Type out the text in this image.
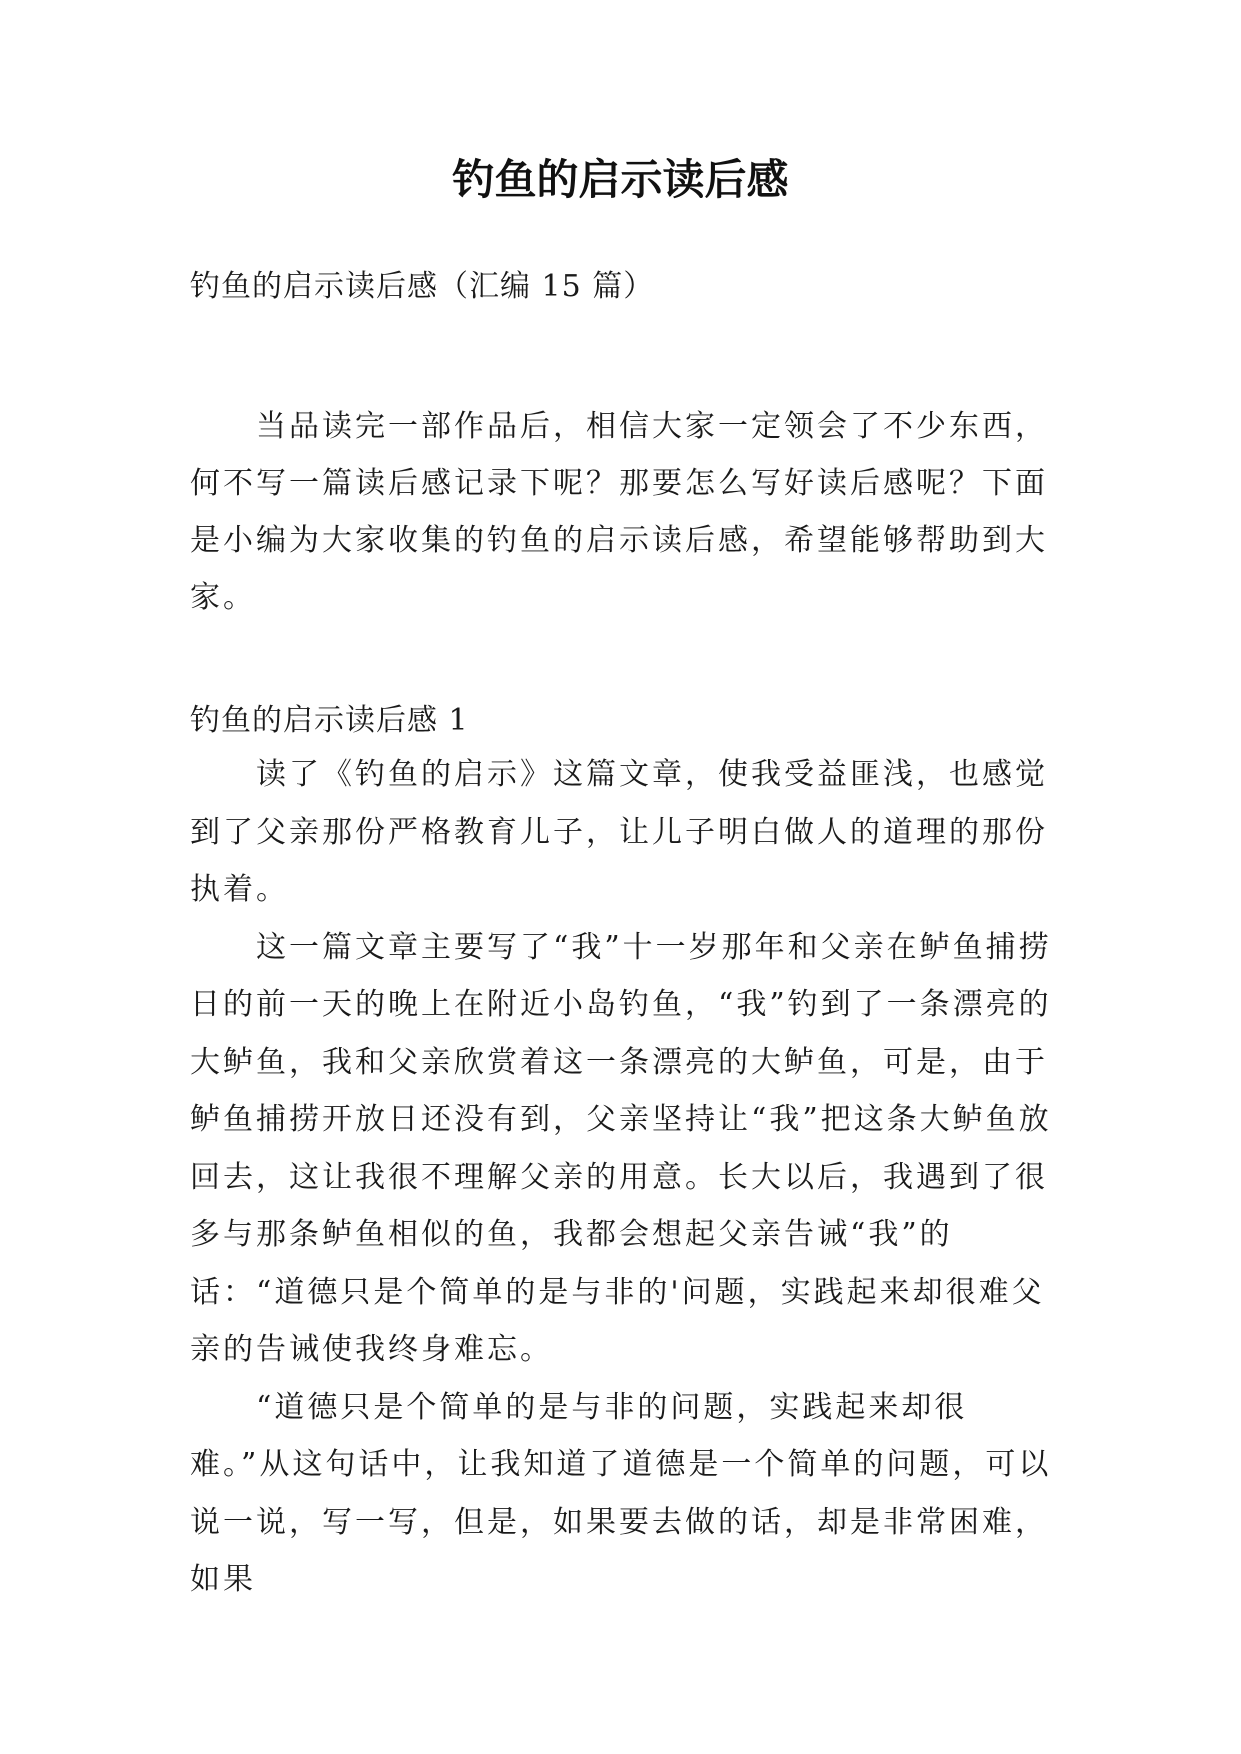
钓鱼的启示读后感

钓鱼的启示读后感（汇编 15 篇）

当品读完一部作品后，相信大家一定领会了不少东西，何不写一篇读后感记录下呢？那要怎么写好读后感呢？下面是小编为大家收集的钓鱼的启示读后感，希望能够帮助到大家。

钓鱼的启示读后感 1

读了《钓鱼的启示》这篇文章，使我受益匪浅，也感觉到了父亲那份严格教育儿子，让儿子明白做人的道理的那份执着。

这一篇文章主要写了“我”十一岁那年和父亲在鲈鱼捕捞日的前一天的晚上在附近小岛钓鱼，“我”钓到了一条漂亮的大鲈鱼，我和父亲欣赏着这一条漂亮的大鲈鱼，可是，由于鲈鱼捕捞开放日还没有到，父亲坚持让“我”把这条大鲈鱼放回去，这让我很不理解父亲的用意。长大以后，我遇到了很多与那条鲈鱼相似的鱼，我都会想起父亲告诫“我”的话：“道德只是个简单的是与非的'问题，实践起来却很难父亲的告诫使我终身难忘。

“道德只是个简单的是与非的问题，实践起来却很难。”从这句话中，让我知道了道德是一个简单的问题，可以说一说，写一写，但是，如果要去做的话，却是非常困难，如果
